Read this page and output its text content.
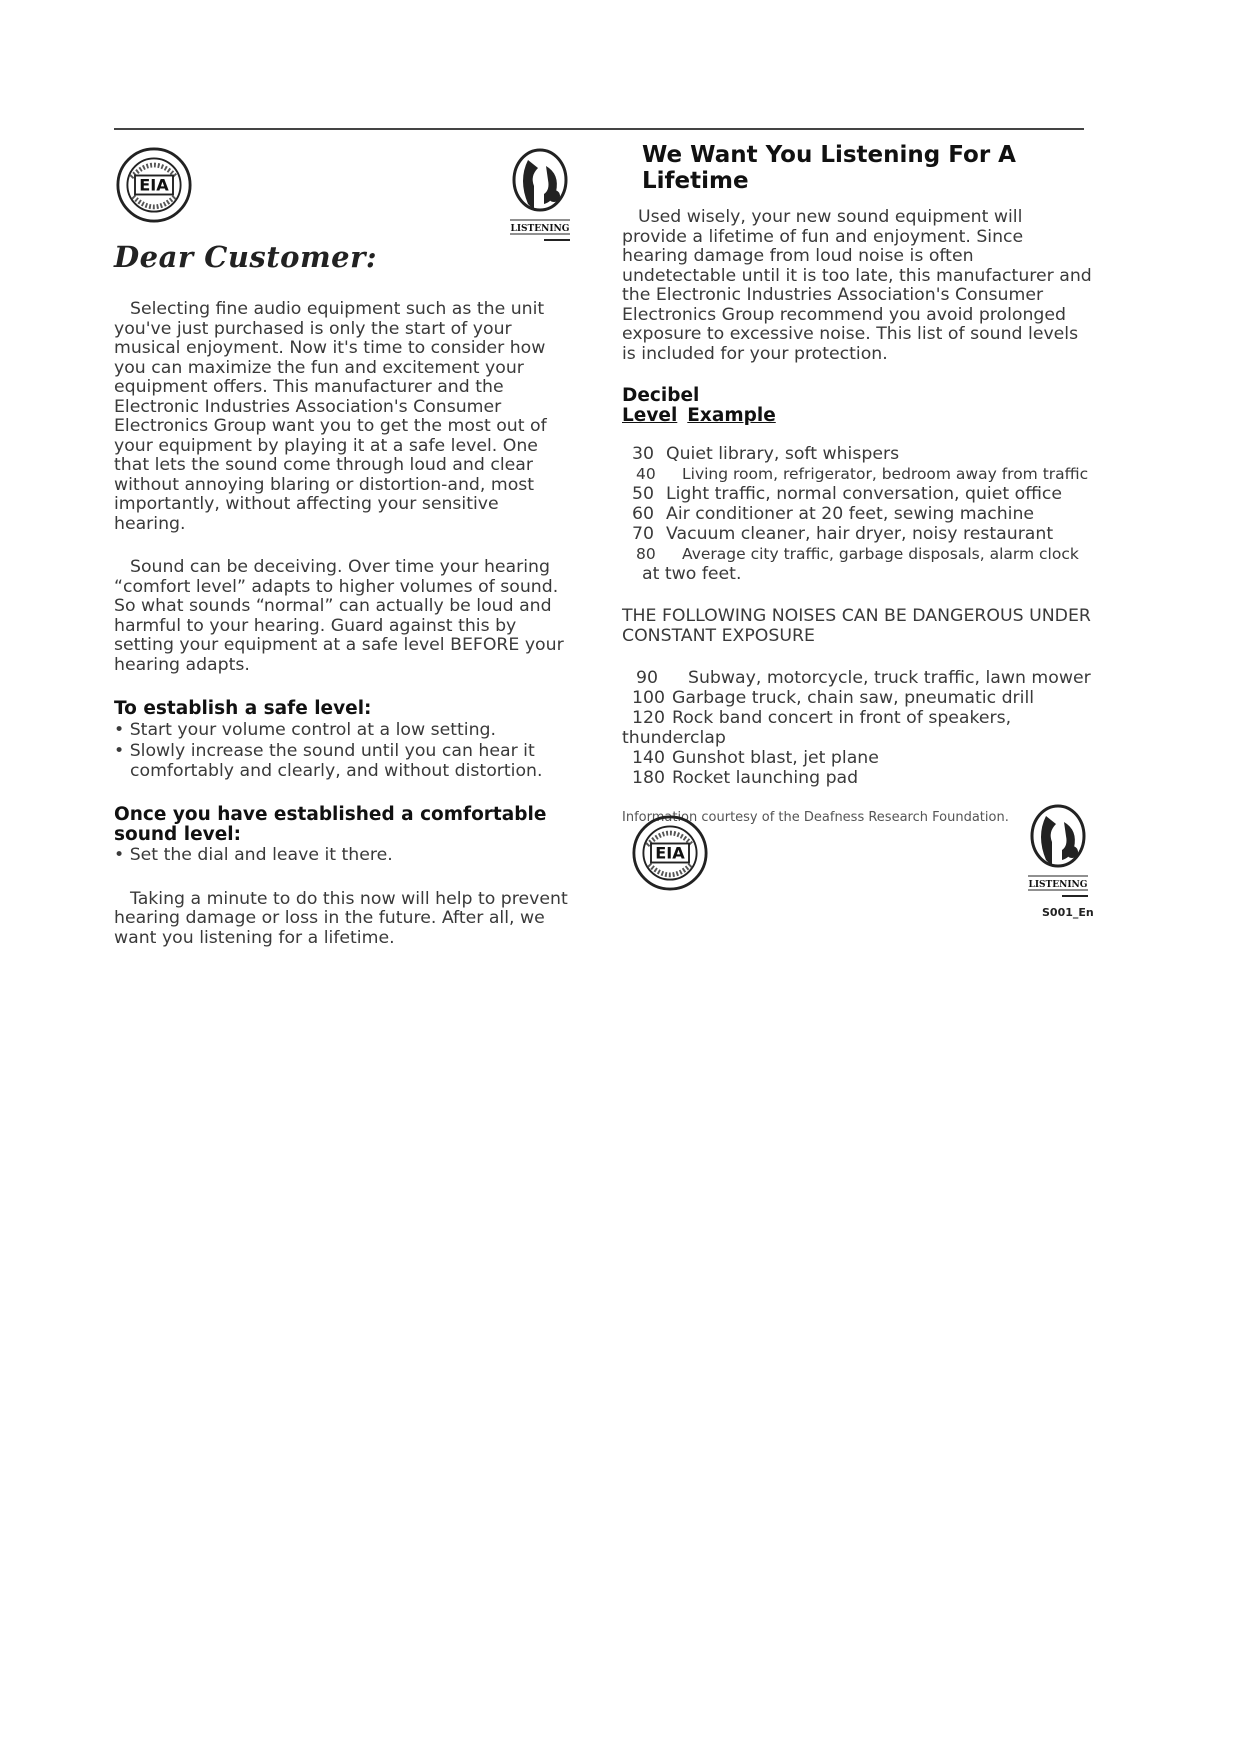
EIA
LISTENING
Dear Customer:

Selecting fine audio equipment such as the unit you've just purchased is only the start of your musical enjoyment. Now it's time to consider how you can maximize the fun and excitement your equipment offers. This manufacturer and the Electronic Industries Association's Consumer Electronics Group want you to get the most out of your equipment by playing it at a safe level. One that lets the sound come through loud and clear without annoying blaring or distortion-and, most importantly, without affecting your sensitive hearing.

Sound can be deceiving. Over time your hearing “comfort level” adapts to higher volumes of sound. So what sounds “normal” can actually be loud and harmful to your hearing. Guard against this by setting your equipment at a safe level BEFORE your hearing adapts.

To establish a safe level:

• Start your volume control at a low setting.

• Slowly increase the sound until you can hear it comfortably and clearly, and without distortion.

Once you have established a comfortable sound level:

• Set the dial and leave it there.

Taking a minute to do this now will help to prevent hearing damage or loss in the future. After all, we want you listening for a lifetime.

We Want You Listening For A Lifetime

Used wisely, your new sound equipment will provide a lifetime of fun and enjoyment. Since hearing damage from loud noise is often undetectable until it is too late, this manufacturer and the Electronic Industries Association's Consumer Electronics Group recommend you avoid prolonged exposure to excessive noise. This list of sound levels is included for your protection.

Decibel
Level Example
30 Quiet library, soft whispers
40 Living room, refrigerator, bedroom away from traffic
50 Light traffic, normal conversation, quiet office
60 Air conditioner at 20 feet, sewing machine
70 Vacuum cleaner, hair dryer, noisy restaurant
80 Average city traffic, garbage disposals, alarm clock
at two feet.

THE FOLLOWING NOISES CAN BE DANGEROUS UNDER CONSTANT EXPOSURE

90 Subway, motorcycle, truck traffic, lawn mower
100 Garbage truck, chain saw, pneumatic drill
120 Rock band concert in front of speakers,
thunderclap
140 Gunshot blast, jet plane
180 Rocket launching pad

Information courtesy of the Deafness Research Foundation.

EIA
LISTENING
S001_En
